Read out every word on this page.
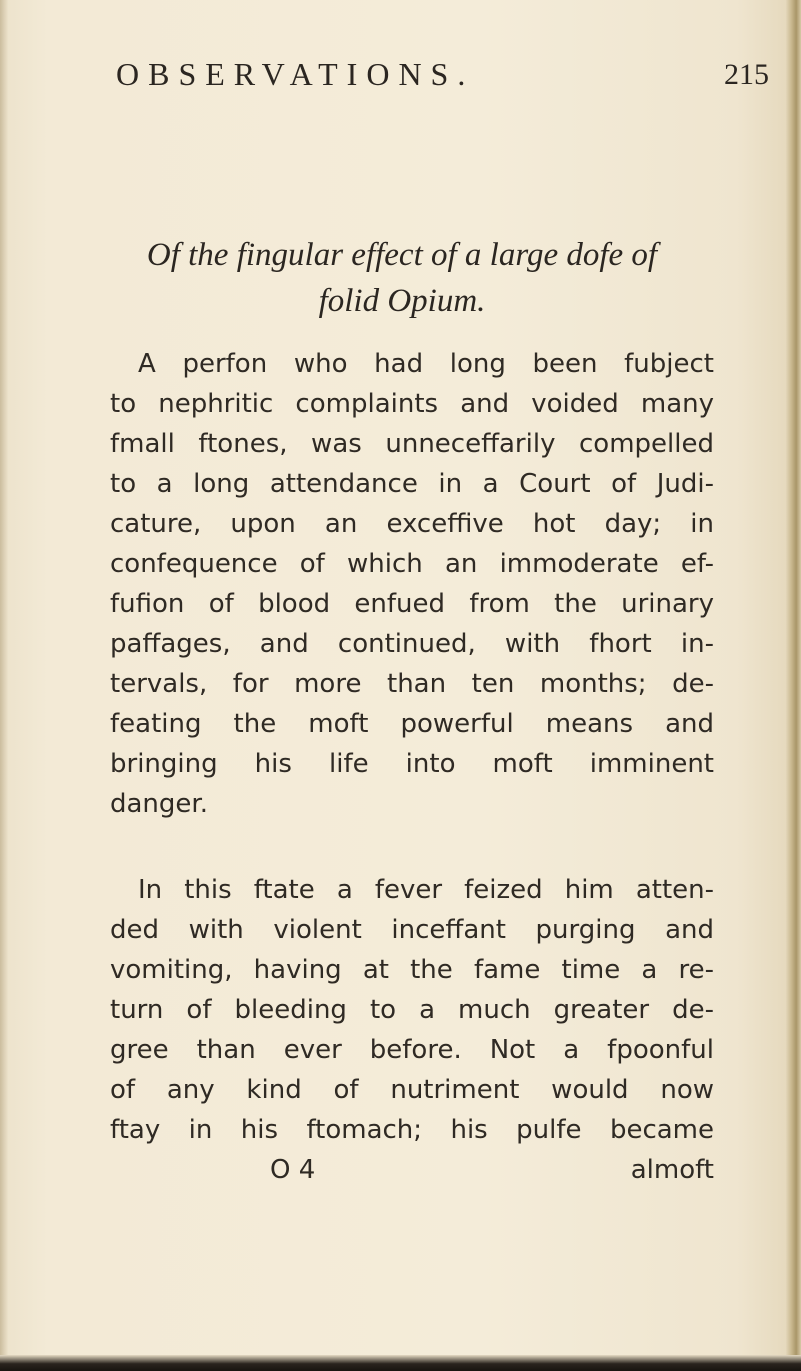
OBSERVATIONS.	215
Of the fingular effect of a large dofe of
folid Opium.
A perfon who had long been fubject
to nephritic complaints and voided many
fmall ftones, was unneceffarily compelled
to a long attendance in a Court of Judi-
cature, upon an exceffive hot day; in
confequence of which an immoderate ef-
fufion of blood enfued from the urinary
paffages, and continued, with fhort in-
tervals, for more than ten months; de-
feating the moft powerful means and
bringing his life into moft imminent
danger.
In this ftate a fever feized him atten-
ded with violent inceffant purging and
vomiting, having at the fame time a re-
turn of bleeding to a much greater de-
gree than ever before. Not a fpoonful
of any kind of nutriment would now
ftay in his ftomach; his pulfe became
O 4	almoft
